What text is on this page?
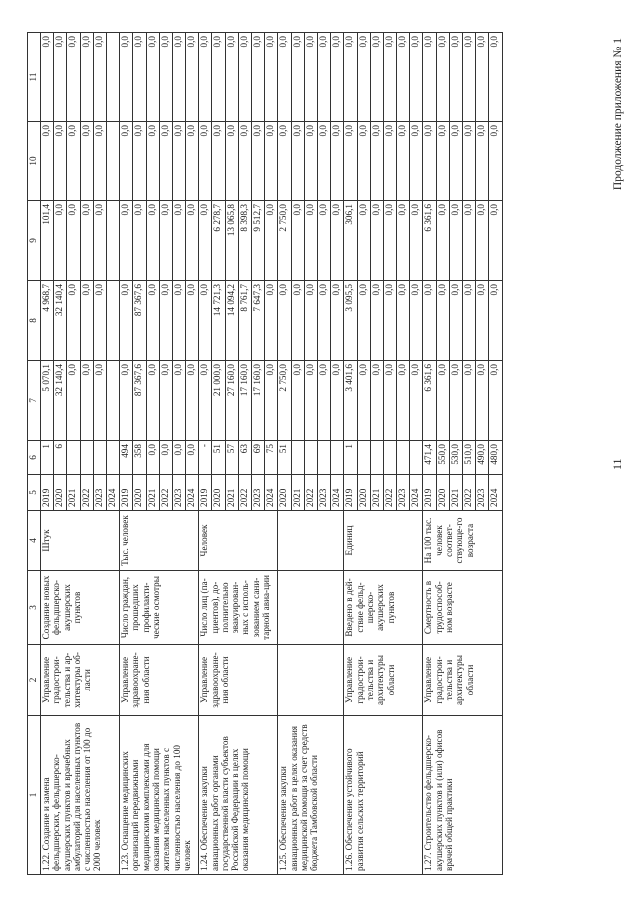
11
Продолжение приложения № 1
1	2	3	4	5	6	7	8	9	10	11
1.22. Создание и замена фельдшерских, фельдшерско-акушерских пунктов и врачебных амбулаторий для населенных пунктов с численностью населения от 100 до 2000 человек	Управление градострои-тельства и ар-хитектуры об-ласти	Создание новых фельдшерско-акушерских пунктов	Штук	2019	1	5 070,1	4 968,7	101,4	0,0	0,0
				2020	6	32 140,4	32 140,4	0,0	0,0	0,0
				2021		0,0	0,0	0,0	0,0	0,0
				2022		0,0	0,0	0,0	0,0	0,0
				2023		0,0	0,0	0,0	0,0	0,0
				2024						
1.23. Оснащение медицинских организаций передвижными медицинскими комплексами для оказания медицинской помощи жителям населенных пунктов с численностью населения до 100 человек	Управление здравоохране-ния области	Число граждан, прошедших профилакти-ческие осмотры	Тыс. человек	2019	494	0,0	0,0	0,0	0,0	0,0
				2020	358	87 367,6	87 367,6	0,0	0,0	0,0
				2021	0,0	0,0	0,0	0,0	0,0	0,0
				2022	0,0	0,0	0,0	0,0	0,0	0,0
				2023	0,0	0,0	0,0	0,0	0,0	0,0
				2024	0,0	0,0	0,0	0,0	0,0	0,0
1.24. Обеспечение закупки авиационных работ органами государственной власти субъектов Российской Федерации в целях оказания медицинской помощи	Управление здравоохране-ния области	Число лиц (па-циентов), до-полнительно эвакуирован-ных с исполь-зованием сани-тарной авиа-ции	Человек	2019	-	0,0	0,0	0,0	0,0	0,0
				2020	51	21 000,0	14 721,3	6 278,7	0,0	0,0
				2021	57	27 160,0	14 094,2	13 065,8	0,0	0,0
				2022	63	17 160,0	8 761,7	8 398,3	0,0	0,0
				2023	69	17 160,0	7 647,3	9 512,7	0,0	0,0
				2024	75	0,0	0,0	0,0	0,0	0,0
1.25. Обеспечение закупки авиационных работ в целях оказания медицинской помощи за счет средств бюджета Тамбовской области				2020	51	2 750,0	0,0	2 750,0	0,0	0,0
				2021		0,0	0,0	0,0	0,0	0,0
				2022		0,0	0,0	0,0	0,0	0,0
				2023		0,0	0,0	0,0	0,0	0,0
				2024		0,0	0,0	0,0	0,0	0,0
1.26. Обеспечение устойчивого развития сельских территорий	Управление градострои-тельства и архитектуры области	Введено в дей-ствие фельд-шерско-акушерских пунктов	Единиц	2019	1	3 401,6	3 095,5	306,1	0,0	0,0
				2020		0,0	0,0	0,0	0,0	0,0
				2021		0,0	0,0	0,0	0,0	0,0
				2022		0,0	0,0	0,0	0,0	0,0
				2023		0,0	0,0	0,0	0,0	0,0
				2024		0,0	0,0	0,0	0,0	0,0
1.27. Строительство фельдшерско-акушерских пунктов и (или) офисов врачей общей практики	Управление градострои-тельства и архитектуры области	Смертность в трудоспособ-ном возрасте	На 100 тыс. человек соответ-ствующе-го возраста	2019	471,4	6 361,6	0,0	6 361,6	0,0	0,0
				2020	550,0	0,0	0,0	0,0	0,0	0,0
				2021	530,0	0,0	0,0	0,0	0,0	0,0
				2022	510,0	0,0	0,0	0,0	0,0	0,0
				2023	490,0	0,0	0,0	0,0	0,0	0,0
				2024	480,0	0,0	0,0	0,0	0,0	0,0
